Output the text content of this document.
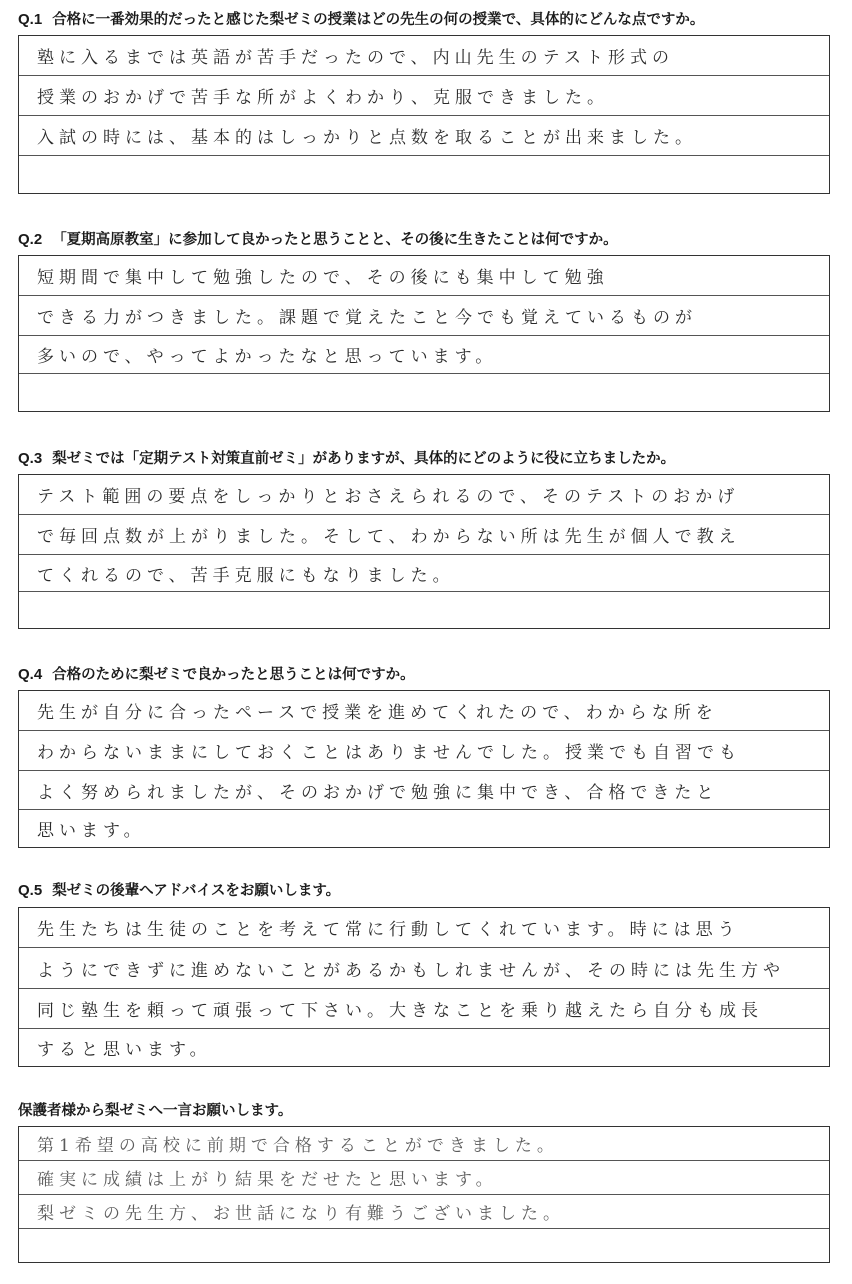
Q.1 合格に一番効果的だったと感じた梨ゼミの授業はどの先生の何の授業で、具体的にどんな点ですか。
塾に入るまでは英語が苦手だったので、内山先生のテスト形式の
授業のおかげで苦手な所がよくわかり、克服できました。
入試の時には、基本的はしっかりと点数を取ることが出来ました。
Q.2 「夏期高原教室」に参加して良かったと思うことと、その後に生きたことは何ですか。
短期間で集中して勉強したので、その後にも集中して勉強
できる力がつきました。課題で覚えたこと今でも覚えているものが
多いので、やってよかったなと思っています。
Q.3 梨ゼミでは「定期テスト対策直前ゼミ」がありますが、具体的にどのように役に立ちましたか。
テスト範囲の要点をしっかりとおさえられるので、そのテストのおかげ
で毎回点数が上がりました。そして、わからない所は先生が個人で教え
てくれるので、苦手克服にもなりました。
Q.4 合格のために梨ゼミで良かったと思うことは何ですか。
先生が自分に合ったペースで授業を進めてくれたので、わからな所を
わからないままにしておくことはありませんでした。授業でも自習でも
よく努められましたが、そのおかげで勉強に集中でき、合格できたと
思います。
Q.5 梨ゼミの後輩へアドバイスをお願いします。
先生たちは生徒のことを考えて常に行動してくれています。時には思う
ようにできずに進めないことがあるかもしれませんが、その時には先生方や
同じ塾生を頼って頑張って下さい。大きなことを乗り越えたら自分も成長
すると思います。
保護者様から梨ゼミへ一言お願いします。
第1希望の高校に前期で合格することができました。
確実に成績は上がり結果をだせたと思います。
梨ゼミの先生方、お世話になり有難うございました。
